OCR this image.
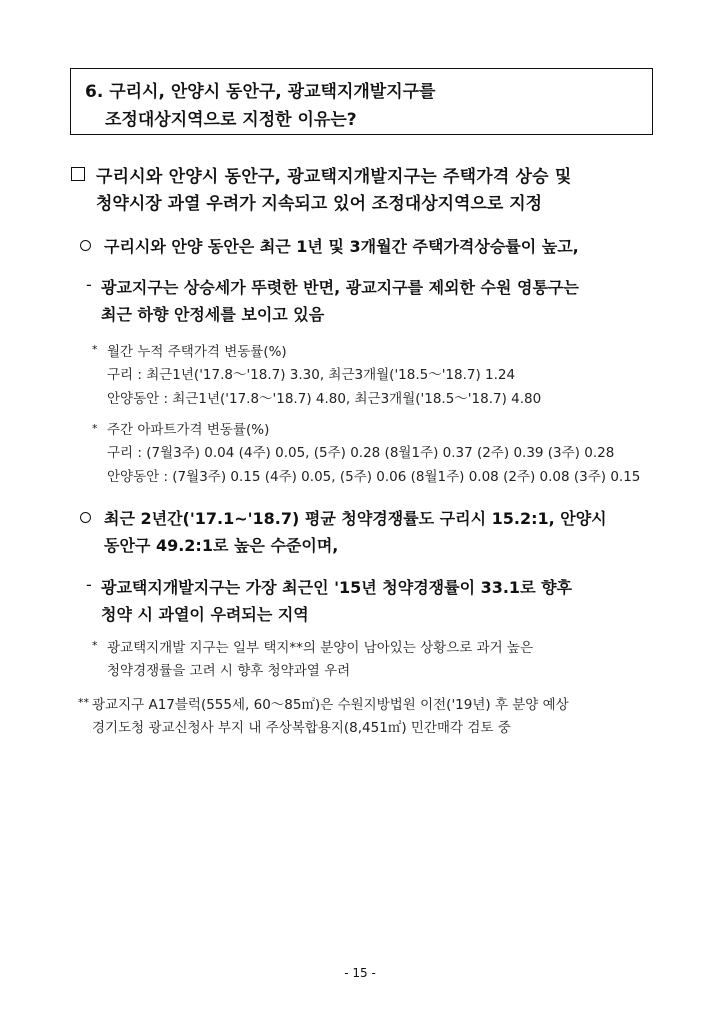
6. 구리시, 안양시 동안구, 광교택지개발지구를
조정대상지역으로 지정한 이유는?
구리시와 안양시 동안구, 광교택지개발지구는 주택가격 상승 및
청약시장 과열 우려가 지속되고 있어 조정대상지역으로 지정
구리시와 안양 동안은 최근 1년 및 3개월간 주택가격상승률이 높고,
- 광교지구는 상승세가 뚜렷한 반면, 광교지구를 제외한 수원 영통구는
최근 하향 안정세를 보이고 있음
* 월간 누적 주택가격 변동률(%)
구리 : 최근1년('17.8～'18.7) 3.30, 최근3개월('18.5～'18.7) 1.24
안양동안 : 최근1년('17.8～'18.7) 4.80, 최근3개월('18.5～'18.7) 4.80
* 주간 아파트가격 변동률(%)
구리 : (7월3주) 0.04 (4주) 0.05, (5주) 0.28 (8월1주) 0.37 (2주) 0.39 (3주) 0.28
안양동안 : (7월3주) 0.15 (4주) 0.05, (5주) 0.06 (8월1주) 0.08 (2주) 0.08 (3주) 0.15
최근 2년간('17.1~'18.7) 평균 청약경쟁률도 구리시 15.2:1, 안양시
동안구 49.2:1로 높은 수준이며,
- 광교택지개발지구는 가장 최근인 '15년 청약경쟁률이 33.1로 향후
청약 시 과열이 우려되는 지역
* 광교택지개발 지구는 일부 택지**의 분양이 남아있는 상황으로 과거 높은
청약경쟁률을 고려 시 향후 청약과열 우려
** 광교지구 A17블럭(555세, 60～85㎡)은 수원지방법원 이전('19년) 후 분양 예상
경기도청 광교신청사 부지 내 주상복합용지(8,451㎡) 민간매각 검토 중
- 15 -
